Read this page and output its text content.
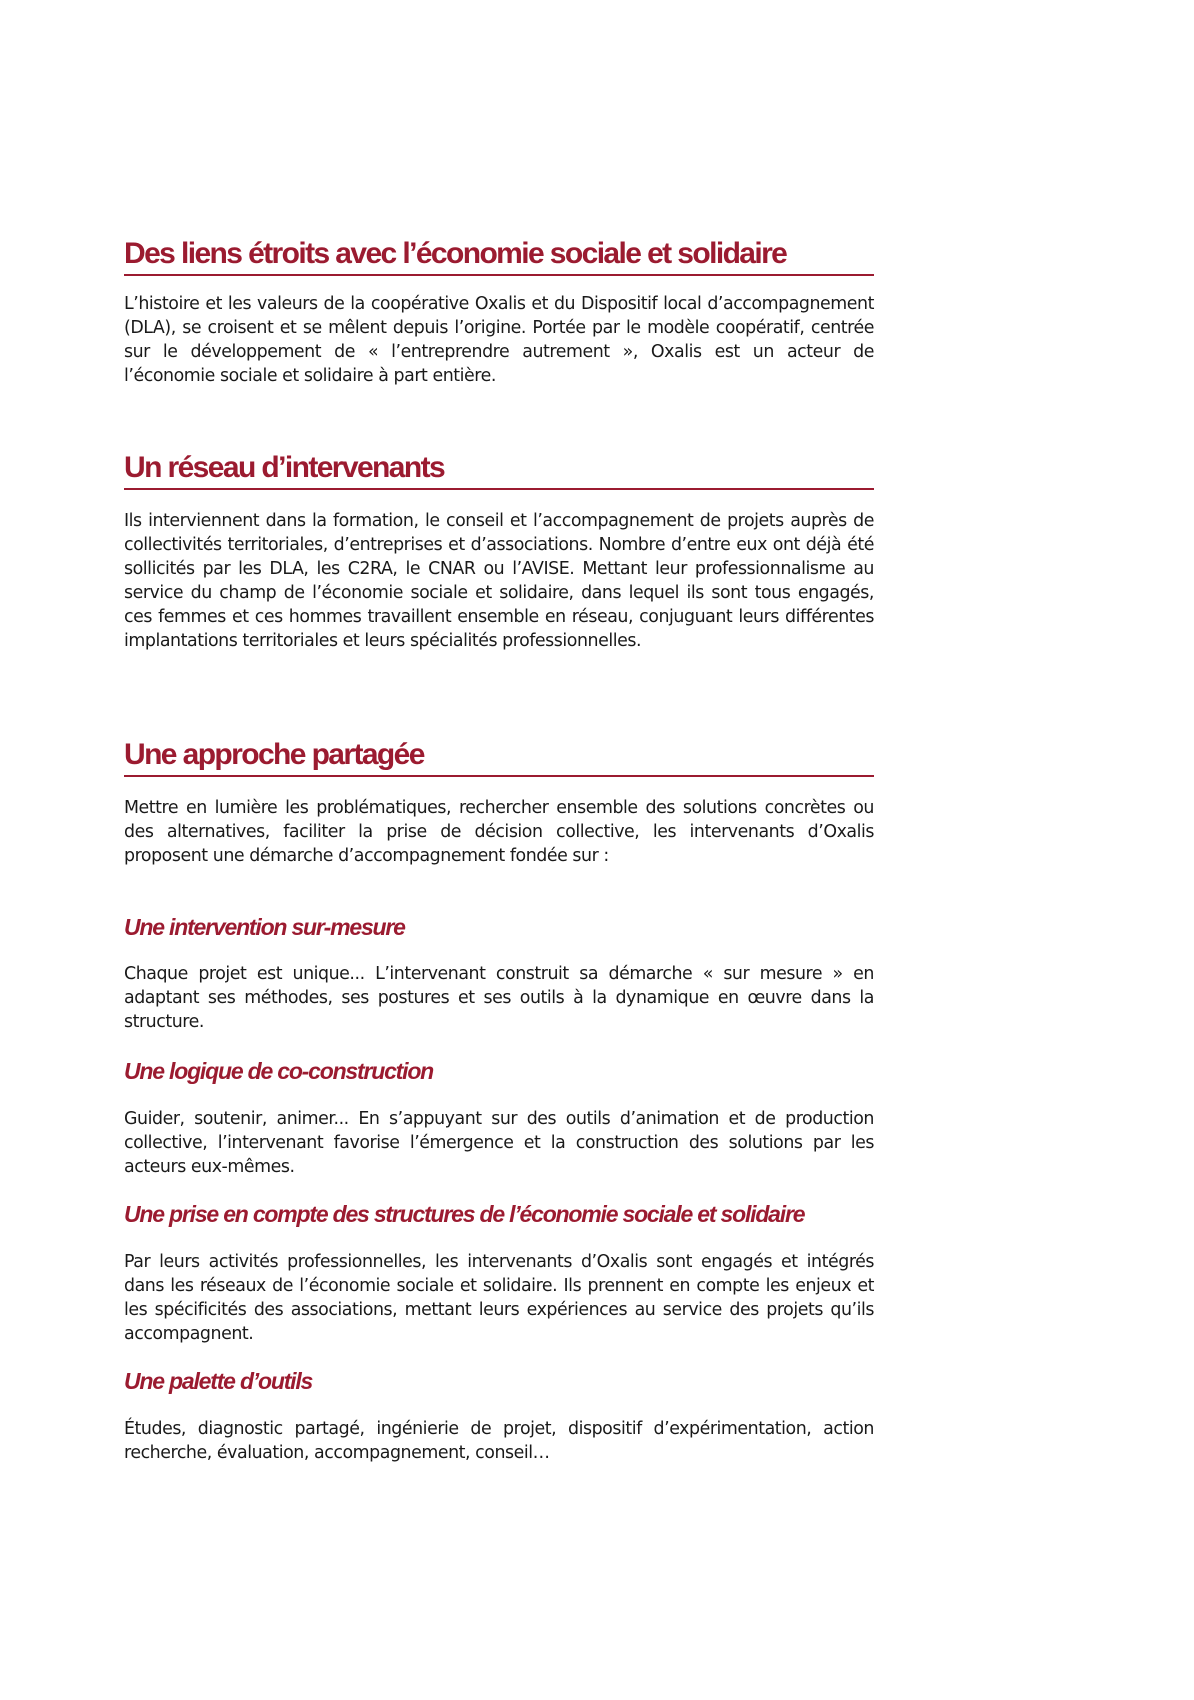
Des liens étroits avec l’économie sociale et solidaire

L’histoire et les valeurs de la coopérative Oxalis et du Dispositif local d’accompagnement (DLA), se croisent et se mêlent depuis l’origine. Portée par le modèle coopératif, centrée sur le développement de « l’entreprendre autrement », Oxalis est un acteur de l’économie sociale et solidaire à part entière.

Un réseau d’intervenants

Ils interviennent dans la formation, le conseil et l’accompagnement de projets auprès de collectivités territoriales, d’entreprises et d’associations. Nombre d’entre eux ont déjà été sollicités par les DLA, les C2RA, le CNAR ou l’AVISE. Mettant leur professionnalisme au service du champ de l’économie sociale et solidaire, dans lequel ils sont tous engagés, ces femmes et ces hommes travaillent ensemble en réseau, conjuguant leurs différentes implantations territoriales et leurs spécialités professionnelles.

Une approche partagée

Mettre en lumière les problématiques, rechercher ensemble des solutions concrètes ou des alternatives, faciliter la prise de décision collective, les intervenants d’Oxalis proposent une démarche d’accompagnement fondée sur :

Une intervention sur-mesure

Chaque projet est unique... L’intervenant construit sa démarche « sur mesure » en adaptant ses méthodes, ses postures et ses outils à la dynamique en œuvre dans la structure.

Une logique de co-construction

Guider, soutenir, animer... En s’appuyant sur des outils d’animation et de production collective, l’intervenant favorise l’émergence et la construction des solutions par les acteurs eux-mêmes.

Une prise en compte des structures de l’économie sociale et solidaire

Par leurs activités professionnelles, les intervenants d’Oxalis sont engagés et intégrés dans les réseaux de l’économie sociale et solidaire. Ils prennent en compte les enjeux et les spécificités des associations, mettant leurs expériences au service des projets qu’ils accompagnent.

Une palette d’outils

Études, diagnostic partagé, ingénierie de projet, dispositif d’expérimentation, action recherche, évaluation, accompagnement, conseil…
